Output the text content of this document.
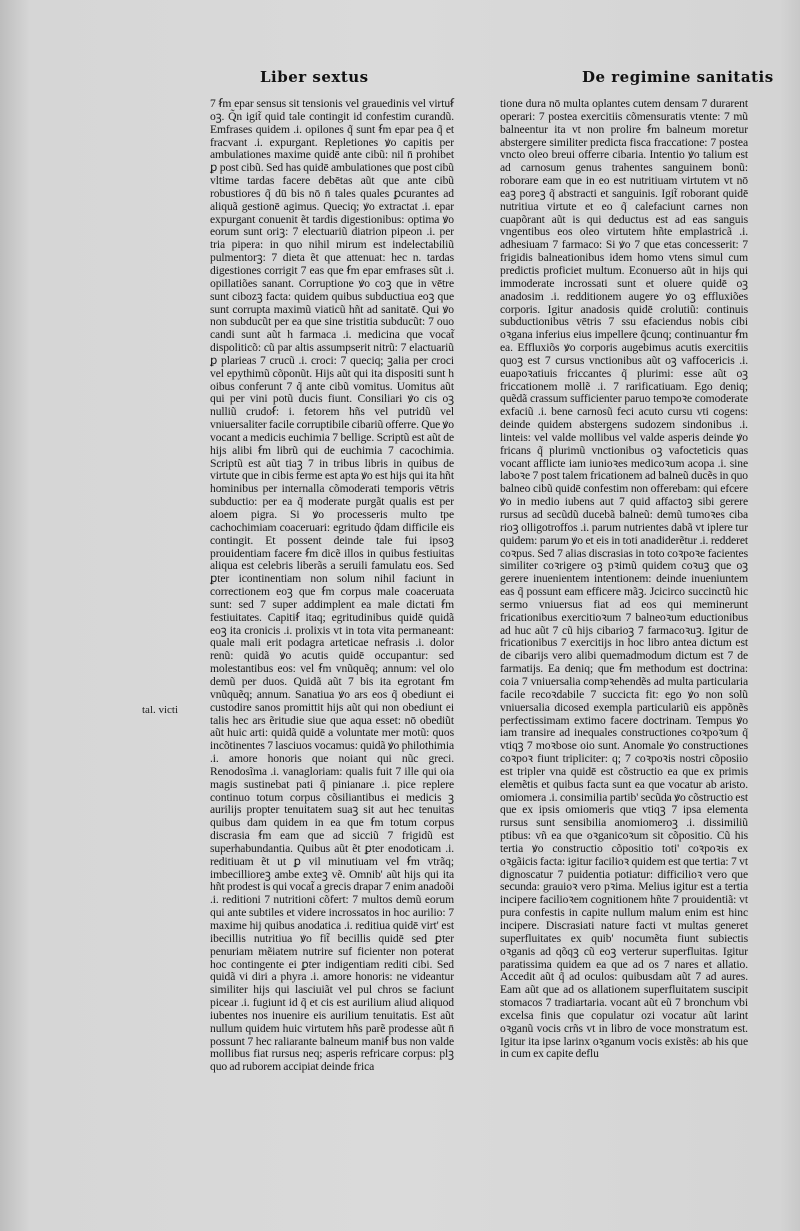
Liber sextus	De regimine sanitatis
tal. victi

7 ẜm epar sensus sit tensionis vel grauedinis vel virtuẜ oꝫ. Q̃n igit̃ quid tale contingit id confestim curandũ. Emfrases quidem .i. opilones q̃ sunt ẜm epar pea q̃ et fracvant .i. expurgant. Repletiones ꝟo capitis per ambulationes maxime quidē ante cibũ: nil n̄ prohibet ꝑ post cibũ. Sed has quidē ambulationes que post cibũ vltime tardas facere debētas aũt que ante cibũ robustiores q̃ dū bis nō n̄ tales quales ꝑcurantes ad aliquã gestionē agimus. Queciq; ꝟo extractat .i. epar expurgant conuenit ẽt tardis digestionibus: optima ꝟo eorum sunt oriꝫ: 7 electuariũ diatrion pipeon .i. per tria pipera: in quo nihil mirum est indelectabiliũ pulmentorꝫ: 7 dieta ẽt que attenuat: hec n. tardas digestiones corrigit 7 eas que ẜm epar emfrases sũt .i. opillatiões sanant. Corruptione ꝟo coꝫ que in vētre sunt cibozꝫ facta: quidem quibus subductiua eoꝫ que sunt corrupta maximũ viaticũ hñt ad sanitatē. Qui ꝟo non subducũt per ea que sine tristitia subducũt: 7 ouo candi sunt aũt h farmaca .i. medicina que vocat̃ dispoliticõ: cũ par altis assumpserit nitrũ: 7 elactuariũ ꝑ plarieas 7 crucũ .i. croci: 7 queciq; ꝫalia per croci vel epythimũ cõponũt. Hijs aũt qui ita dispositi sunt h oibus conferunt 7 q̃ ante cibũ vomitus. Uomitus aũt qui per vini potũ ducis fiunt. Consiliari ꝟo cis oꝫ nulliũ crudoẜ: i. fetorem hñs vel putridũ vel vniuersaliter facile corruptibile cibariũ offerre. Que ꝟo vocant a medicis euchimia 7 bellige. Scriptũ est aũt de hijs alibi ẜm librũ qui de euchimia 7 cacochimia. Scriptũ est aũt tiaꝫ 7 in tribus libris in quibus de virtute que in cibis ferme est apta ꝟo est hijs qui ita hñt hominibus per internalla cõmoderati temporis vētris subductio: per ea q̃ moderate purgãt qualis est per aloem pigra. Si ꝟo processeris multo tpe cachochimiam coaceruari: egritudo q̃dam difficile eis contingit. Et possent deinde tale fui ipsoꝫ prouidentiam facere ẜm dicẽ illos in quibus festiuitas aliqua est celebris liberãs a seruili famulatu eos. Sed ꝑter icontinentiam non solum nihil faciunt in correctionem eoꝫ que ẜm corpus male coaceruata sunt: sed 7 super addimplent ea male dictati ẜm festiuitates. Capitiẜ itaq; egritudinibus quidē quidã eoꝫ ita cronicis .i. prolixis vt in tota vita permaneant: quale mali erit podagra arteticae nefrasis .i. dolor renũ: quidã ꝟo acutis quidē occupantur: sed molestantibus eos: vel ẜm vnũquẽq; annum: vel olo demũ per duos. Quidã aũt 7 bis ita egrotant ẜm vnũquẽq; annum. Sanatiua ꝟo ars eos q̃ obediunt ei custodire sanos promittit hijs aũt qui non obediunt ei talis hec ars ẽritudie siue que aqua esset: nō obediũt aũt huic arti: quidã quidē a voluntate mer motũ: quos incõtinentes 7 lasciuos vocamus: quidã ꝟo philothimia .i. amore honoris que noiant qui nũc greci. Renodosĩma .i. vanagloriam: qualis fuit 7 ille qui oia magis sustinebat pati q̃ pinianare .i. pice replere continuo totum corpus cõsiliantibus ei medicis ꝫ aurilijs propter tenuitatem suaꝫ sit aut hec tenuitas quibus dam quidem in ea que ẜm totum corpus discrasia ẜm eam que ad sicciũ 7 frigidũ est superhabundantia. Quibus aũt ẽt ꝑter enodoticam .i. reditiuam ẽt ut ꝑ vil minutiuam vel ẜm vtrãq; imbecillioreꝫ ambe exteꝫ vẽ. Omnib' aũt hijs qui ita hñt prodest is qui vocat̃ a grecis drapar 7 enim anadoõi .i. reditioni 7 nutritioni cõfert: 7 multos demũ eorum qui ante subtiles et videre incrossatos in hoc aurilio: 7 maxime hij quibus anodatica .i. reditiua quidē virt' est ibecillis nutritiua ꝟo fit̃ becillis quidē sed ꝑter penuriam mẽiatem nutrire suf ficienter non poterat hoc contingente ei ꝑter indigentiam rediti cibi. Sed quidã vi diri a phyra .i. amore honoris: ne videantur similiter hijs qui lasciuiãt vel pul chros se faciunt picear .i. fugiunt id q̃ et cis est aurilium aliud aliquod iubentes nos inuenire eis aurilium tenuitatis. Est aũt nullum quidem huic virtutem hñs parẽ prodesse aũt n̄ possunt 7 hec raliarante balneum maniẜ bus non valde mollibus fiat rursus neq; asperis refricare corpus: plꝫ quo ad ruborem accipiat deinde frica

tione dura nō multa oplantes cutem densam 7 durarent operari: 7 postea exercitiis cõmensuratis vtente: 7 mũ balneentur ita vt non prolire ẜm balneum moretur abstergere similiter predicta fisca fraccatione: 7 postea vncto oleo breui offerre cibaria. Intentio ꝟo talium est ad carnosum genus trahentes sanguinem bonũ: roborare eam que in eo est nutritiuam virtutem vt nō eaꝫ poreꝫ q̃ abstracti et sanguinis. Igit̃ roborant quidē nutritiua virtute et eo q̃ calefaciunt carnes non cuapõrant aũt is qui deductus est ad eas sanguis vngentibus eos oleo virtutem hñte emplastricã .i. adhesiuam 7 farmaco: Si ꝟo 7 que etas concesserit: 7 frigidis balneationibus idem homo vtens simul cum predictis proficiet multum. Econuerso aũt in hijs qui immoderate incrossati sunt et oluere quidē oꝫ anadosim .i. redditionem augere ꝟo oꝫ effluxiões corporis. Igitur anadosis quidē crolutiũ: continuis subductionibus vētris 7 ssu efaciendus nobis cibi oꝛgana inferius eius impellere q̃cunq; continuantur ẜm ea. Effluxiõs ꝟo corporis augebimus acutis exercitiis quoꝫ est 7 cursus vnctionibus aũt oꝫ vaffocericis .i. euapoꝛatiuis friccantes q̃ plurimi: esse aũt oꝫ friccationem mollẽ .i. 7 rarificatiuam. Ego deniq; quẽdã crassum sufficienter paruo tempoꝛe comoderate exfaciũ .i. bene carnosũ feci acuto cursu vti cogens: deinde quidem abstergens sudozem sindonibus .i. linteis: vel valde mollibus vel valde asperis deinde ꝟo fricans q̃ plurimũ vnctionibus oꝫ vafocteticis quas vocant afflicte iam iunioꝛes medicoꝛum acopa .i. sine laboꝛe 7 post talem fricationem ad balneũ ducẽs in quo balneo cibũ quidē confestim non offerebam: qui efcere ꝟo in medio iubens aut 7 quid affactoꝫ sibi gerere rursus ad secũdũ ducebã balneũ: demũ tumoꝛes ciba rioꝫ olligotroffos .i. parum nutrientes dabã vt iplere tur quidem: parum ꝟo et eis in toti anadiderẽtur .i. redderet coꝛpus. Sed 7 alias discrasias in toto coꝛpoꝛe facientes similiter coꝛrigere oꝫ pꝛimũ quidem coꝛuꝫ que oꝫ gerere inuenientem intentionem: deinde inueniuntem eas q̃ possunt eam efficere mãꝫ. Jcicirco succinctũ hic sermo vniuersus fiat ad eos qui meminerunt fricationibus exercitioꝛum 7 balneoꝛum eductionibus ad huc aũt 7 cũ hijs cibarioꝫ 7 farmacoꝛuꝫ. Igitur de fricationibus 7 exercitijs in hoc libro antea dictum est de cibarijs vero alibi quemadmodum dictum est 7 de farmatijs. Ea deniq; que ẜm methodum est doctrina: coia 7 vniuersalia compꝛehendẽs ad multa particularia facile recoꝛdabile 7 succicta fit: ego ꝟo non solũ vniuersalia dicosed exempla particulariũ eis appõnẽs perfectissimam extimo facere doctrinam. Tempus ꝟo iam transire ad inequales constructiones coꝛpoꝛum q̃ vtiqꝫ 7 moꝛbose oio sunt. Anomale ꝟo constructiones coꝛpoꝛ fiunt tripliciter: q; 7 coꝛpoꝛis nostri cõposiio est tripler vna quidē est cõstructio ea que ex primis elemẽtis et quibus facta sunt ea que vocatur ab aristo. omiomera .i. consimilia partib' secũda ꝟo cõstructio est que ex ipsis omiomeris que vtiqꝫ 7 ipsa elementa rursus sunt sensibilia anomiomeroꝫ .i. dissimiliũ ptibus: vñ ea que oꝛganicoꝛum sit cõpositio. Cũ his tertia ꝟo constructio cõpositio toti' coꝛpoꝛis ex oꝛgãicis facta: igitur facilioꝛ quidem est que tertia: 7 vt dignoscatur 7 puidentia potiatur: difficilioꝛ vero que secunda: grauioꝛ vero pꝛima. Melius igitur est a tertia incipere facilioꝛem cognitionem hñte 7 prouidentiã: vt pura confestis in capite nullum malum enim est hinc incipere. Discrasiati nature facti vt multas generet superfluitates ex quib' nocumẽta fiunt subiectis oꝛganis ad qõqꝫ cũ eoꝫ verterur superfluitas. Igitur paratissima quidem ea que ad os 7 nares et allatio. Accedit aũt q̃ ad oculos: quibusdam aũt 7 ad aures. Eam aũt que ad os allationem superfluitatem suscipit stomacos 7 tradiartaria. vocant aũt eũ 7 bronchum vbi excelsa finis que copulatur ozi vocatur aũt larint oꝛganũ vocis crñs vt in libro de voce monstratum est. Igitur ita ipse larinx oꝛganum vocis existẽs: ab his que in cum ex capite deflu
